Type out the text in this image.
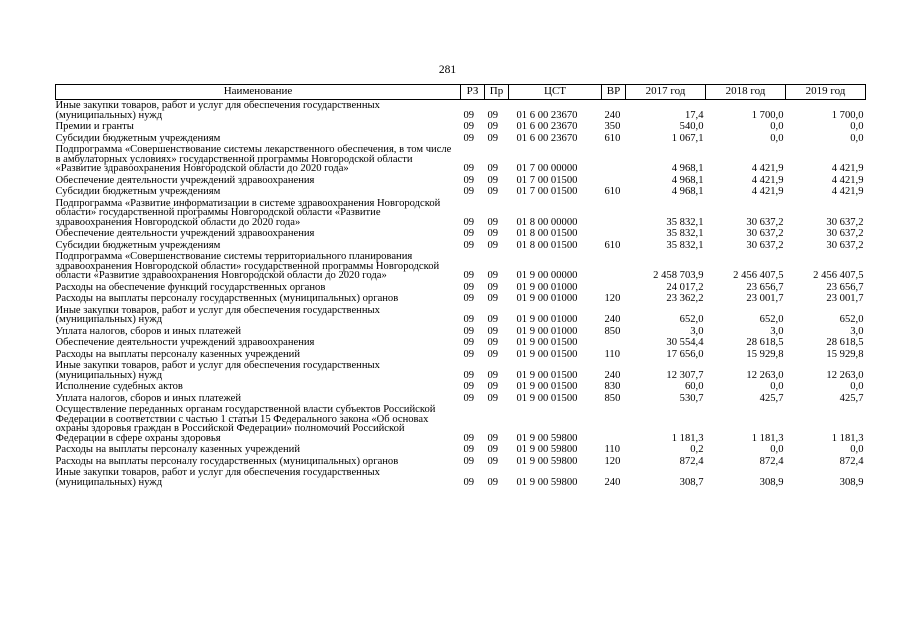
281
Наименование	РЗ	Пр	ЦСТ	ВР	2017 год	2018 год	2019 год
Иные закупки товаров, работ и услуг для обеспечения государственных (муниципальных) нужд	09	09	01 6 00 23670	240	17,4	1 700,0	1 700,0
Премии и гранты	09	09	01 6 00 23670	350	540,0	0,0	0,0
Субсидии бюджетным учреждениям	09	09	01 6 00 23670	610	1 067,1	0,0	0,0
Подпрограмма «Совершенствование системы лекарственного обеспечения, в том числе в амбулаторных условиях» государственной программы Новгородской области «Развитие здравоохранения Новгородской области до 2020 года»	09	09	01 7 00 00000		4 968,1	4 421,9	4 421,9
Обеспечение деятельности учреждений здравоохранения	09	09	01 7 00 01500		4 968,1	4 421,9	4 421,9
Субсидии бюджетным учреждениям	09	09	01 7 00 01500	610	4 968,1	4 421,9	4 421,9
Подпрограмма «Развитие информатизации в системе здравоохранения Новгородской области» государственной программы Новгородской области «Развитие здравоохранения Новгородской области до 2020 года»	09	09	01 8 00 00000		35 832,1	30 637,2	30 637,2
Обеспечение деятельности учреждений здравоохранения	09	09	01 8 00 01500		35 832,1	30 637,2	30 637,2
Субсидии бюджетным учреждениям	09	09	01 8 00 01500	610	35 832,1	30 637,2	30 637,2
Подпрограмма «Совершенствование системы территориального планирования здравоохранения Новгородской области» государственной программы Новгородской области «Развитие здравоохранения Новгородской области до 2020 года»	09	09	01 9 00 00000		2 458 703,9	2 456 407,5	2 456 407,5
Расходы на обеспечение функций государственных органов	09	09	01 9 00 01000		24 017,2	23 656,7	23 656,7
Расходы на выплаты персоналу государственных (муниципальных) органов	09	09	01 9 00 01000	120	23 362,2	23 001,7	23 001,7
Иные закупки товаров, работ и услуг для обеспечения государственных (муниципальных) нужд	09	09	01 9 00 01000	240	652,0	652,0	652,0
Уплата налогов, сборов и иных платежей	09	09	01 9 00 01000	850	3,0	3,0	3,0
Обеспечение деятельности учреждений здравоохранения	09	09	01 9 00 01500		30 554,4	28 618,5	28 618,5
Расходы на выплаты персоналу казенных учреждений	09	09	01 9 00 01500	110	17 656,0	15 929,8	15 929,8
Иные закупки товаров, работ и услуг для обеспечения государственных (муниципальных) нужд	09	09	01 9 00 01500	240	12 307,7	12 263,0	12 263,0
Исполнение судебных актов	09	09	01 9 00 01500	830	60,0	0,0	0,0
Уплата налогов, сборов и иных платежей	09	09	01 9 00 01500	850	530,7	425,7	425,7
Осуществление переданных органам государственной власти субъектов Российской Федерации в соответствии с частью 1 статьи 15 Федерального закона «Об основах охраны здоровья граждан в Российской Федерации» полномочий Российской Федерации в сфере охраны здоровья	09	09	01 9 00 59800		1 181,3	1 181,3	1 181,3
Расходы на выплаты персоналу казенных учреждений	09	09	01 9 00 59800	110	0,2	0,0	0,0
Расходы на выплаты персоналу государственных (муниципальных) органов	09	09	01 9 00 59800	120	872,4	872,4	872,4
Иные закупки товаров, работ и услуг для обеспечения государственных (муниципальных) нужд	09	09	01 9 00 59800	240	308,7	308,9	308,9
